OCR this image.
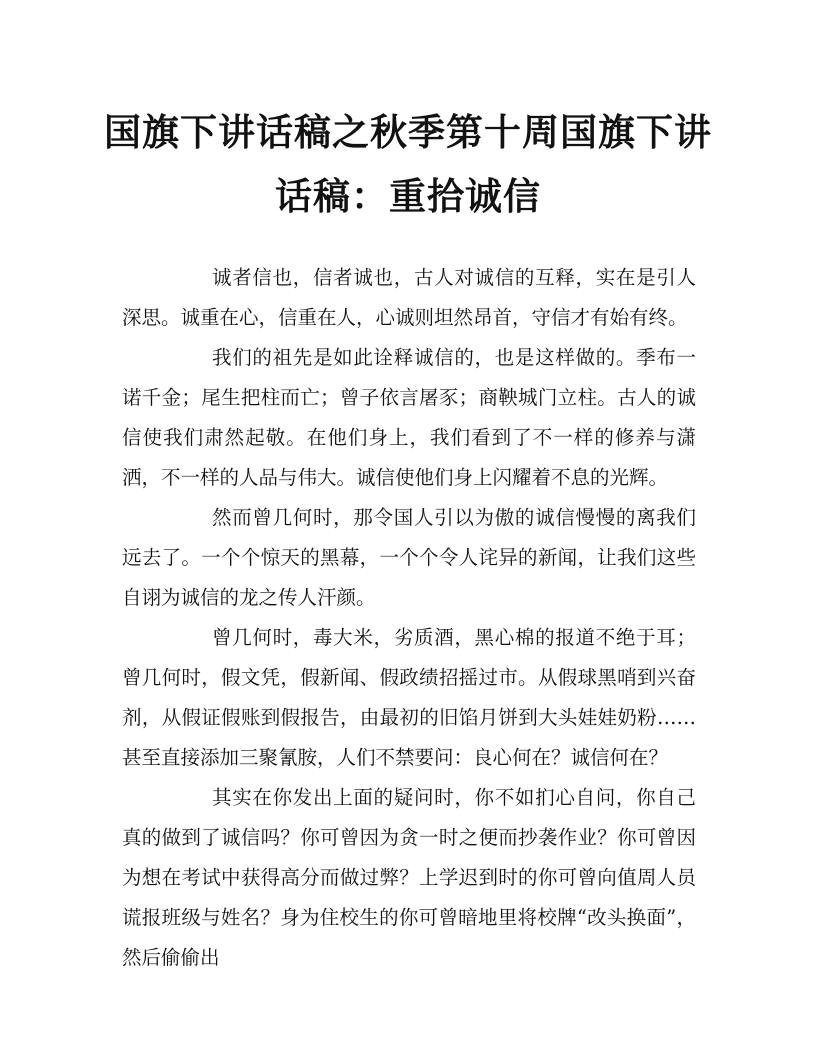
国旗下讲话稿之秋季第十周国旗下讲话稿：重拾诚信

诚者信也，信者诚也，古人对诚信的互释，实在是引人深思。诚重在心，信重在人，心诚则坦然昂首，守信才有始有终。

我们的祖先是如此诠释诚信的，也是这样做的。季布一诺千金；尾生把柱而亡；曾子依言屠豕；商鞅城门立柱。古人的诚信使我们肃然起敬。在他们身上，我们看到了不一样的修养与潇洒，不一样的人品与伟大。诚信使他们身上闪耀着不息的光辉。

然而曾几何时，那令国人引以为傲的诚信慢慢的离我们远去了。一个个惊天的黑幕，一个个令人诧异的新闻，让我们这些自诩为诚信的龙之传人汗颜。

曾几何时，毒大米，劣质酒，黑心棉的报道不绝于耳；曾几何时，假文凭，假新闻、假政绩招摇过市。从假球黑哨到兴奋剂，从假证假账到假报告，由最初的旧馅月饼到大头娃娃奶粉……甚至直接添加三聚氰胺，人们不禁要问：良心何在？诚信何在？

其实在你发出上面的疑问时，你不如扪心自问，你自己真的做到了诚信吗？你可曾因为贪一时之便而抄袭作业？你可曾因为想在考试中获得高分而做过弊？上学迟到时的你可曾向值周人员谎报班级与姓名？身为住校生的你可曾暗地里将校牌“改头换面”，然后偷偷出
